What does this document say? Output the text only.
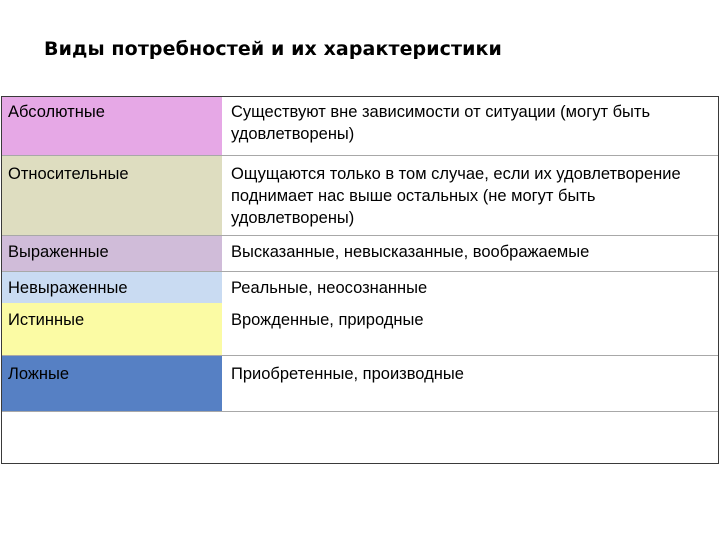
Виды потребностей и их характеристики
Абсолютные
Относительные
Выраженные
Невыраженные
Истинные
Ложные
Существуют вне зависимости от ситуации (могут быть удовлетворены)
Ощущаются только в том случае, если их удовлетворение поднимает нас выше остальных (не могут быть удовлетворены)
Высказанные, невысказанные, воображаемые
Реальные, неосознанные
Врожденные, природные
Приобретенные, производные
